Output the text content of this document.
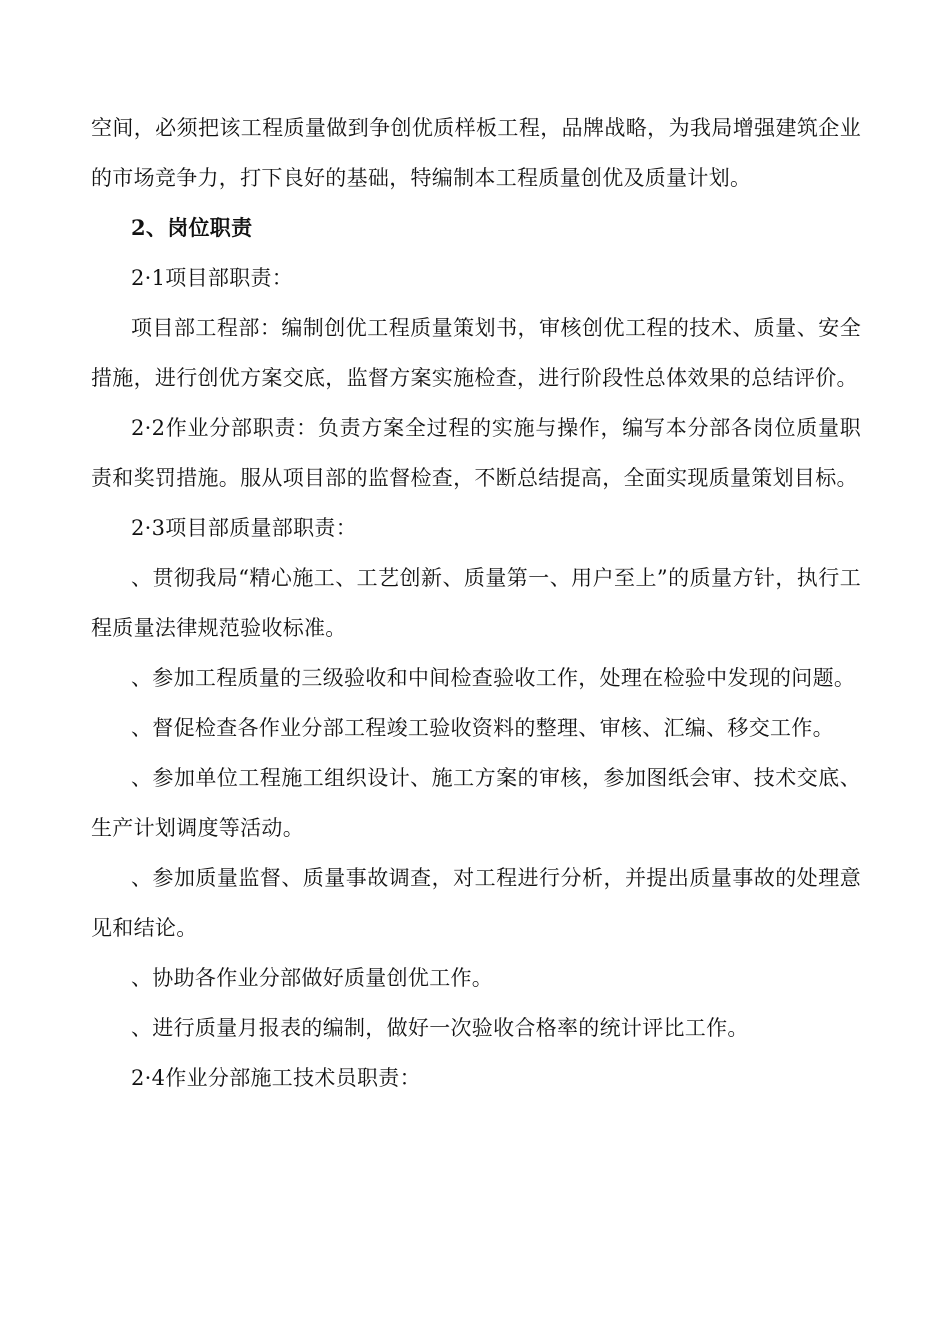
空间，必须把该工程质量做到争创优质样板工程，品牌战略，为我局增强建筑企业的市场竞争力，打下良好的基础，特编制本工程质量创优及质量计划。

2、岗位职责

2·1项目部职责：

项目部工程部：编制创优工程质量策划书，审核创优工程的技术、质量、安全措施，进行创优方案交底，监督方案实施检查，进行阶段性总体效果的总结评价。

2·2作业分部职责：负责方案全过程的实施与操作，编写本分部各岗位质量职责和奖罚措施。服从项目部的监督检查，不断总结提高，全面实现质量策划目标。

2·3项目部质量部职责：

、贯彻我局“精心施工、工艺创新、质量第一、用户至上”的质量方针，执行工程质量法律规范验收标准。

、参加工程质量的三级验收和中间检查验收工作，处理在检验中发现的问题。

、督促检查各作业分部工程竣工验收资料的整理、审核、汇编、移交工作。

、参加单位工程施工组织设计、施工方案的审核，参加图纸会审、技术交底、生产计划调度等活动。

、参加质量监督、质量事故调查，对工程进行分析，并提出质量事故的处理意见和结论。

、协助各作业分部做好质量创优工作。

、进行质量月报表的编制，做好一次验收合格率的统计评比工作。

2·4作业分部施工技术员职责：
